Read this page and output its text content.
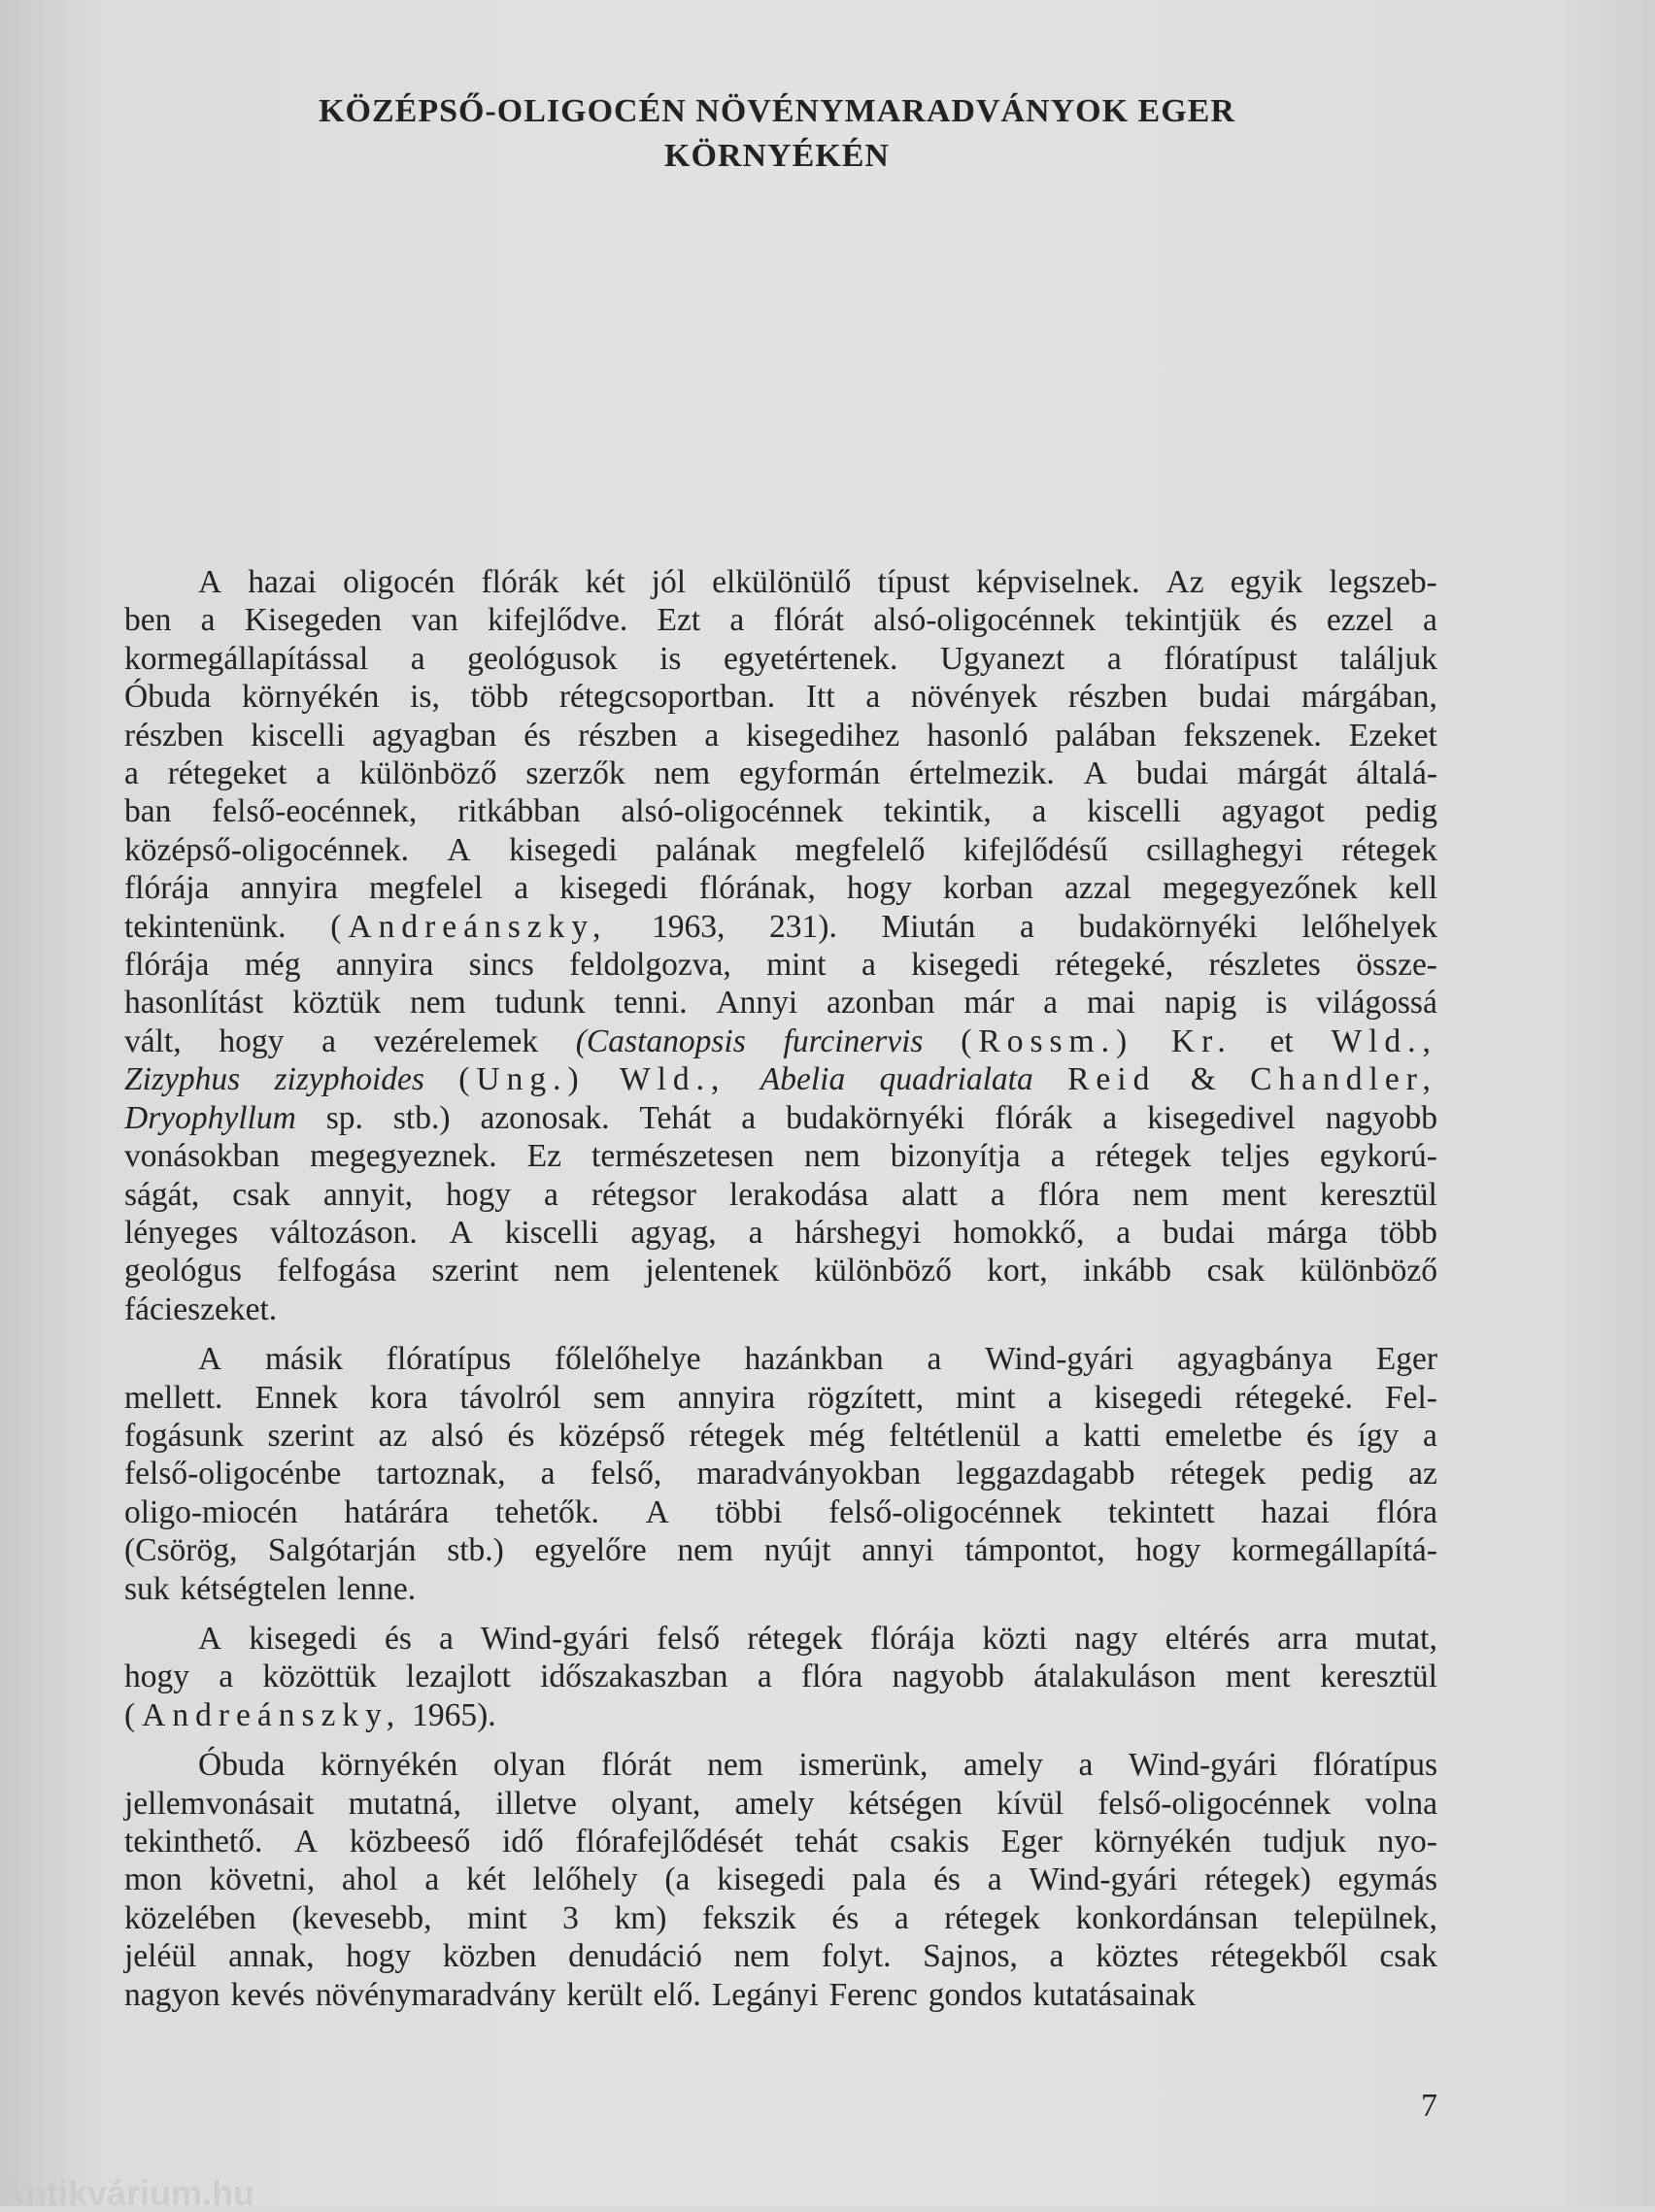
KÖZÉPSŐ-OLIGOCÉN NÖVÉNYMARADVÁNYOK EGER
KÖRNYÉKÉN
A hazai oligocén flórák két jól elkülönülő típust képviselnek. Az egyik legszeb-
ben a Kisegeden van kifejlődve. Ezt a flórát alsó-oligocénnek tekintjük és ezzel a
kormegállapítással a geológusok is egyetértenek. Ugyanezt a flóratípust találjuk
Óbuda környékén is, több rétegcsoportban. Itt a növények részben budai márgában,
részben kiscelli agyagban és részben a kisegedihez hasonló palában fekszenek. Ezeket
a rétegeket a különböző szerzők nem egyformán értelmezik. A budai márgát általá-
ban felső-eocénnek, ritkábban alsó-oligocénnek tekintik, a kiscelli agyagot pedig
középső-oligocénnek. A kisegedi palának megfelelő kifejlődésű csillaghegyi rétegek
flórája annyira megfelel a kisegedi flórának, hogy korban azzal megegyezőnek kell
tekintenünk. (Andreánszky, 1963, 231). Miután a budakörnyéki lelőhelyek
flórája még annyira sincs feldolgozva, mint a kisegedi rétegeké, részletes össze-
hasonlítást köztük nem tudunk tenni. Annyi azonban már a mai napig is világossá
vált, hogy a vezérelemek (Castanopsis furcinervis (Rossm.) Kr. et Wld.,
Zizyphus zizyphoides (Ung.) Wld., Abelia quadrialata Reid & Chandler,
Dryophyllum sp. stb.) azonosak. Tehát a budakörnyéki flórák a kisegedivel nagyobb
vonásokban megegyeznek. Ez természetesen nem bizonyítja a rétegek teljes egykorú-
ságát, csak annyit, hogy a rétegsor lerakodása alatt a flóra nem ment keresztül
lényeges változáson. A kiscelli agyag, a hárshegyi homokkő, a budai márga több
geológus felfogása szerint nem jelentenek különböző kort, inkább csak különböző
fácieszeket.
A másik flóratípus főlelőhelye hazánkban a Wind-gyári agyagbánya Eger
mellett. Ennek kora távolról sem annyira rögzített, mint a kisegedi rétegeké. Fel-
fogásunk szerint az alsó és középső rétegek még feltétlenül a katti emeletbe és így a
felső-oligocénbe tartoznak, a felső, maradványokban leggazdagabb rétegek pedig az
oligo-miocén határára tehetők. A többi felső-oligocénnek tekintett hazai flóra
(Csörög, Salgótarján stb.) egyelőre nem nyújt annyi támpontot, hogy kormegállapítá-
suk kétségtelen lenne.
A kisegedi és a Wind-gyári felső rétegek flórája közti nagy eltérés arra mutat,
hogy a közöttük lezajlott időszakaszban a flóra nagyobb átalakuláson ment keresztül
(Andreánszky, 1965).
Óbuda környékén olyan flórát nem ismerünk, amely a Wind-gyári flóratípus
jellemvonásait mutatná, illetve olyant, amely kétségen kívül felső-oligocénnek volna
tekinthető. A közbeeső idő flórafejlődését tehát csakis Eger környékén tudjuk nyo-
mon követni, ahol a két lelőhely (a kisegedi pala és a Wind-gyári rétegek) egymás
közelében (kevesebb, mint 3 km) fekszik és a rétegek konkordánsan települnek,
jeléül annak, hogy közben denudáció nem folyt. Sajnos, a köztes rétegekből csak
nagyon kevés növénymaradvány került elő. Legányi Ferenc gondos kutatásainak

7

Antikvárium.hu
